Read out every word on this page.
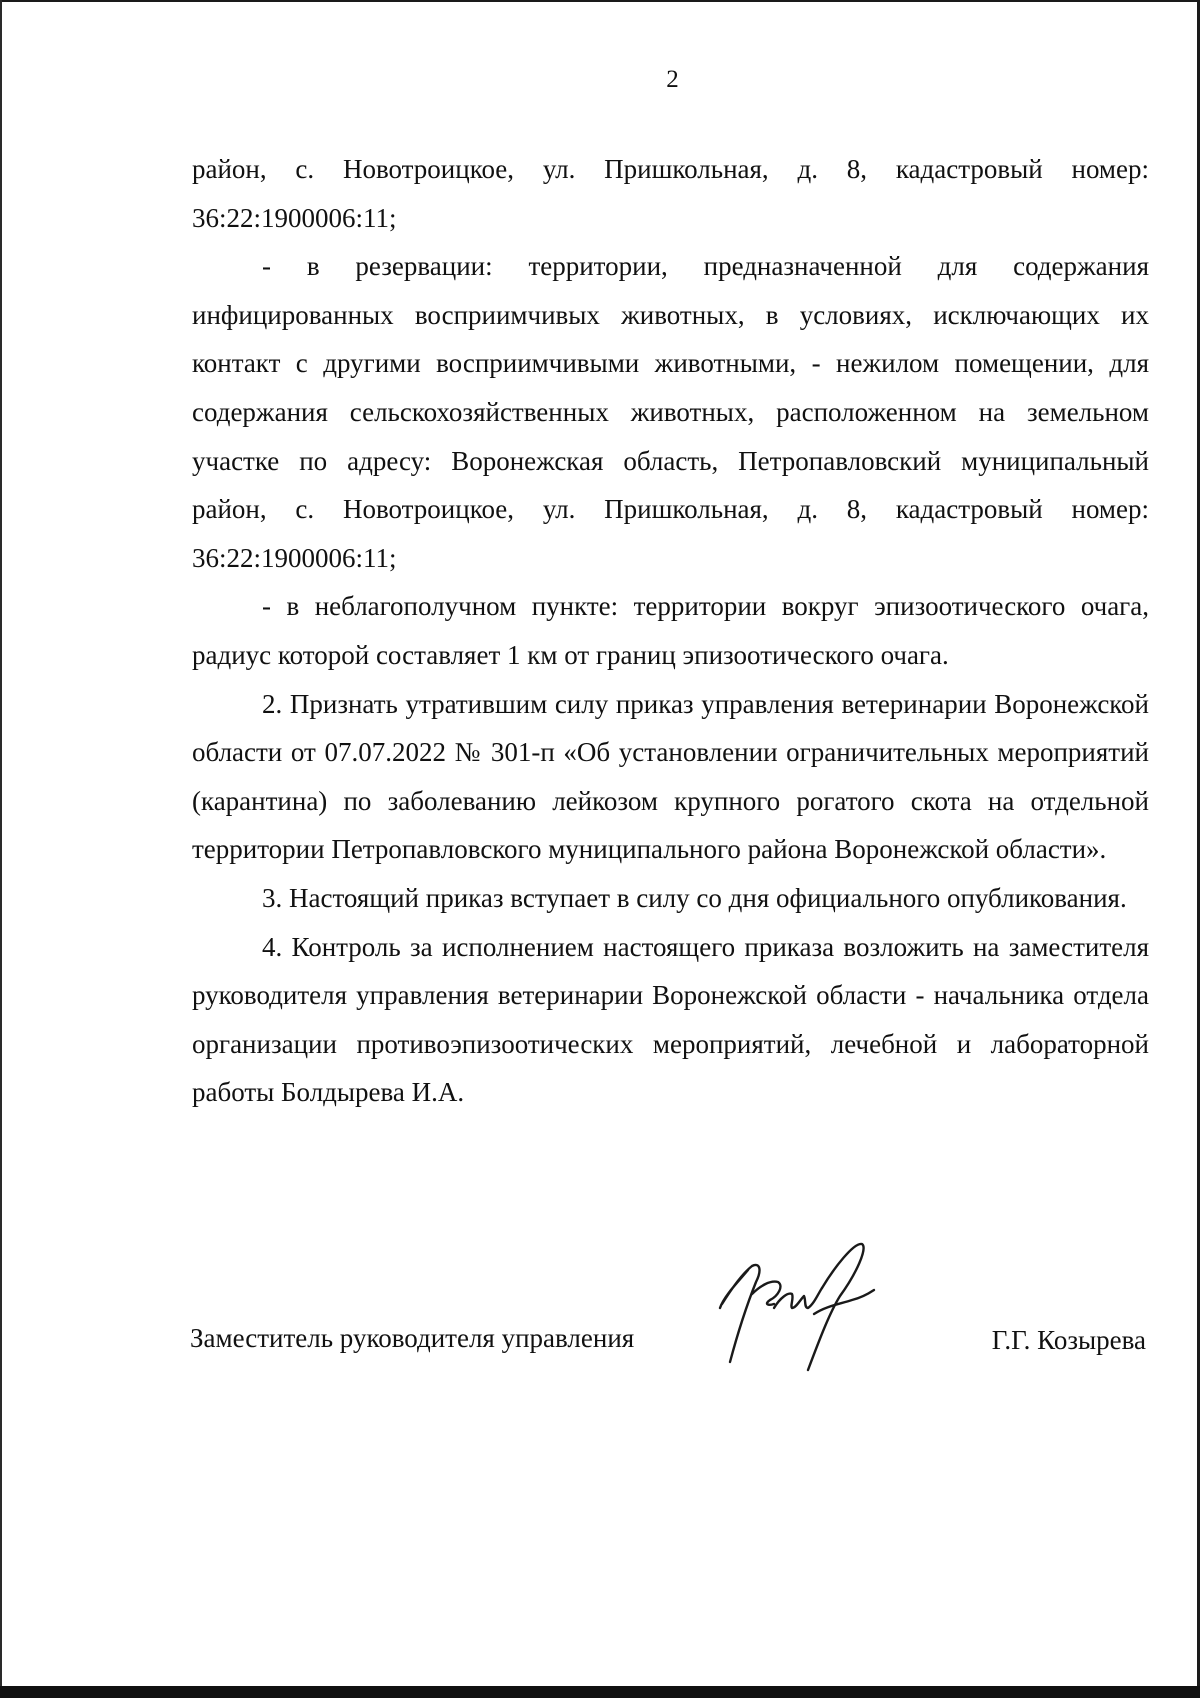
2

район, с. Новотроицкое, ул. Пришкольная, д. 8, кадастровый номер: 36:22:1900006:11;

- в резервации: территории, предназначенной для содержания инфицированных восприимчивых животных, в условиях, исключающих их контакт с другими восприимчивыми животными, - нежилом помещении, для содержания сельскохозяйственных животных, расположенном на земельном участке по адресу: Воронежская область, Петропавловский муниципальный район, с. Новотроицкое, ул. Пришкольная, д. 8, кадастровый номер: 36:22:1900006:11;

- в неблагополучном пункте: территории вокруг эпизоотического очага, радиус которой составляет 1 км от границ эпизоотического очага.

2. Признать утратившим силу приказ управления ветеринарии Воронежской области от 07.07.2022 № 301-п «Об установлении ограничительных мероприятий (карантина) по заболеванию лейкозом крупного рогатого скота на отдельной территории Петропавловского муниципального района Воронежской области».

3. Настоящий приказ вступает в силу со дня официального опубликования.

4. Контроль за исполнением настоящего приказа возложить на заместителя руководителя управления ветеринарии Воронежской области - начальника отдела организации противоэпизоотических мероприятий, лечебной и лабораторной работы Болдырева И.А.

Заместитель руководителя управления	Г.Г. Козырева
